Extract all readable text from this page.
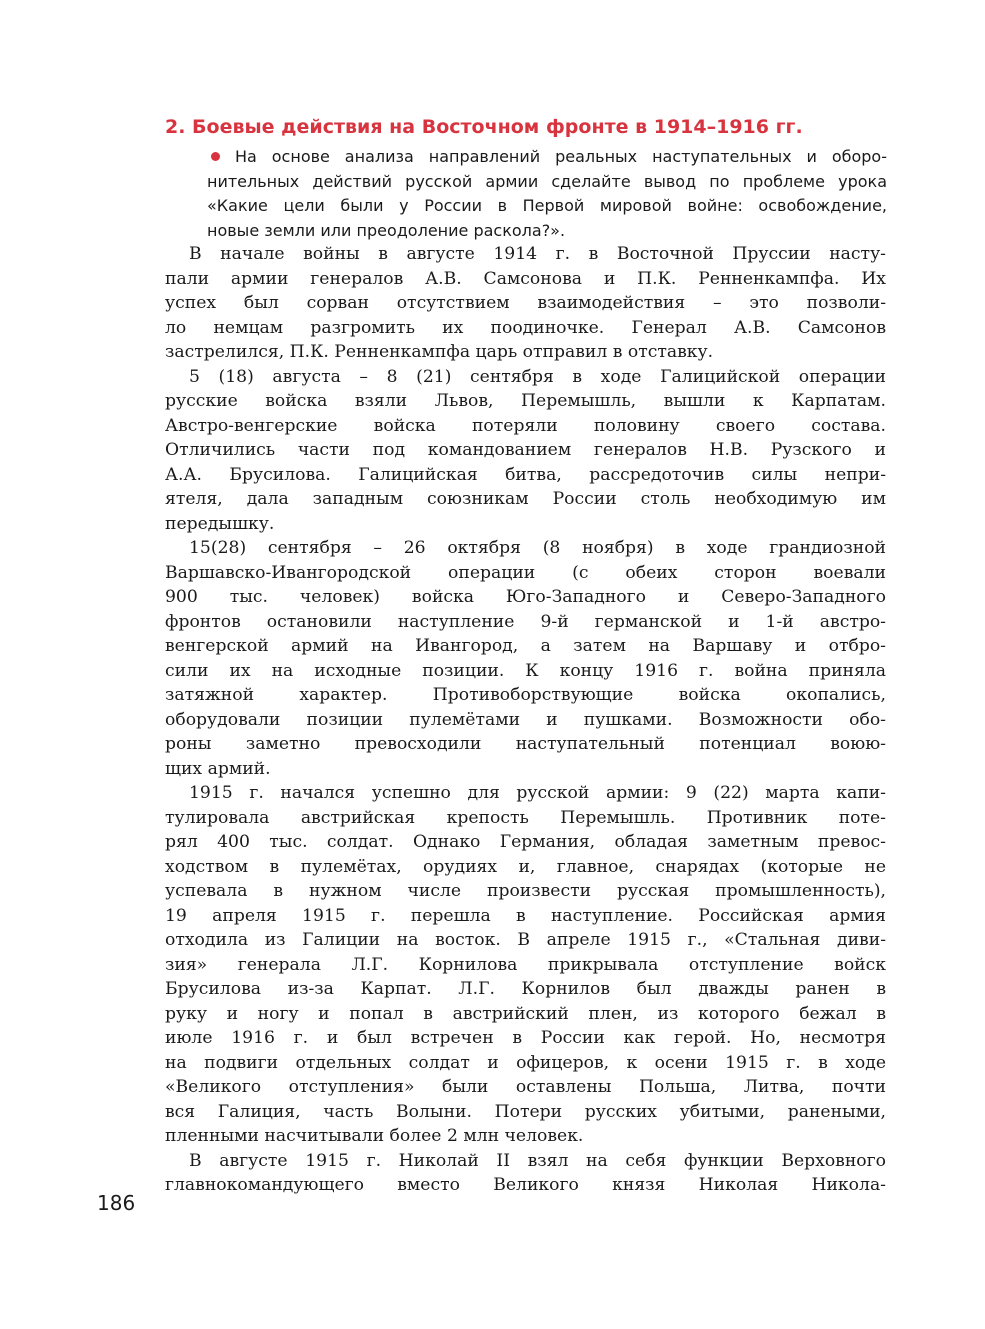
2. Боевые действия на Восточном фронте в 1914–1916 гг.
На основе анализа направлений реальных наступательных и оборо-
нительных действий русской армии сделайте вывод по проблеме урока
«Какие цели были у России в Первой мировой войне: освобождение,
новые земли или преодоление раскола?».
В начале войны в августе 1914 г. в Восточной Пруссии насту-
пали армии генералов А.В. Самсонова и П.К. Ренненкампфа. Их
успех был сорван отсутствием взаимодействия – это позволи-
ло немцам разгромить их поодиночке. Генерал А.В. Самсонов
застрелился, П.К. Ренненкампфа царь отправил в отставку.
5 (18) августа – 8 (21) сентября в ходе Галицийской операции
русские войска взяли Львов, Перемышль, вышли к Карпатам.
Австро-венгерские войска потеряли половину своего состава.
Отличились части под командованием генералов Н.В. Рузского и
А.А. Брусилова. Галицийская битва, рассредоточив силы непри-
ятеля, дала западным союзникам России столь необходимую им
передышку.
15(28) сентября – 26 октября (8 ноября) в ходе грандиозной
Варшавско-Ивангородской операции (с обеих сторон воевали
900 тыс. человек) войска Юго-Западного и Северо-Западного
фронтов остановили наступление 9-й германской и 1-й австро-
венгерской армий на Ивангород, а затем на Варшаву и отбро-
сили их на исходные позиции. К концу 1916 г. война приняла
затяжной характер. Противоборствующие войска окопались,
оборудовали позиции пулемётами и пушками. Возможности обо-
роны заметно превосходили наступательный потенциал воюю-
щих армий.
1915 г. начался успешно для русской армии: 9 (22) марта капи-
тулировала австрийская крепость Перемышль. Противник поте-
рял 400 тыс. солдат. Однако Германия, обладая заметным превос-
ходством в пулемётах, орудиях и, главное, снарядах (которые не
успевала в нужном числе произвести русская промышленность),
19 апреля 1915 г. перешла в наступление. Российская армия
отходила из Галиции на восток. В апреле 1915 г., «Стальная диви-
зия» генерала Л.Г. Корнилова прикрывала отступление войск
Брусилова из-за Карпат. Л.Г. Корнилов был дважды ранен в
руку и ногу и попал в австрийский плен, из которого бежал в
июле 1916 г. и был встречен в России как герой. Но, несмотря
на подвиги отдельных солдат и офицеров, к осени 1915 г. в ходе
«Великого отступления» были оставлены Польша, Литва, почти
вся Галиция, часть Волыни. Потери русских убитыми, ранеными,
пленными насчитывали более 2 млн человек.
В августе 1915 г. Николай II взял на себя функции Верховного
главнокомандующего вместо Великого князя Николая Никола-
186
